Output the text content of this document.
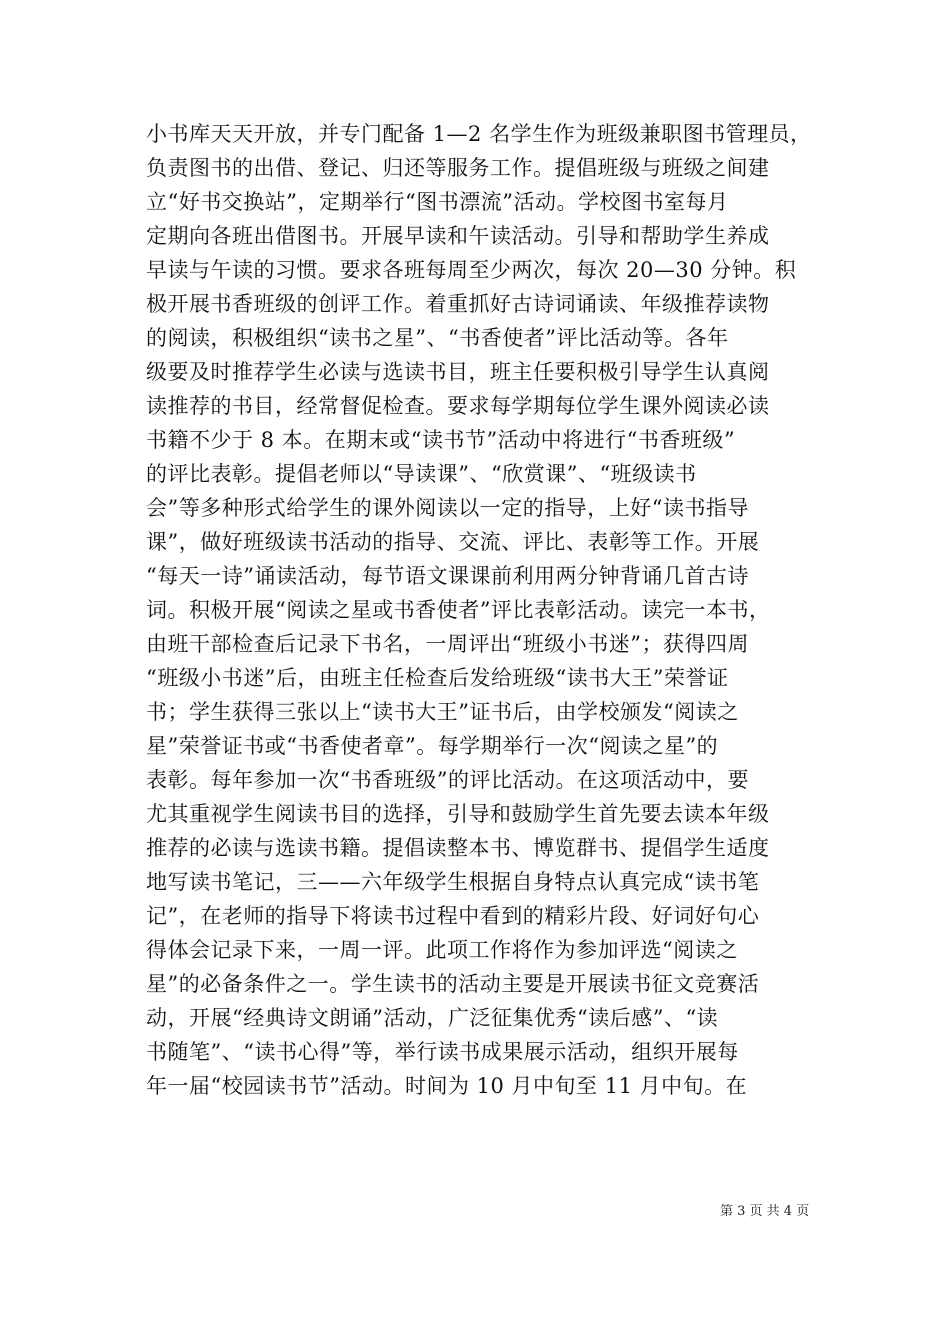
小书库天天开放，并专门配备 1—2 名学生作为班级兼职图书管理员，
负责图书的出借、登记、归还等服务工作。提倡班级与班级之间建
立“好书交换站”，定期举行“图书漂流”活动。学校图书室每月
定期向各班出借图书。开展早读和午读活动。引导和帮助学生养成
早读与午读的习惯。要求各班每周至少两次，每次 20—30 分钟。积
极开展书香班级的创评工作。着重抓好古诗词诵读、年级推荐读物
的阅读，积极组织“读书之星”、“书香使者”评比活动等。各年
级要及时推荐学生必读与选读书目，班主任要积极引导学生认真阅
读推荐的书目，经常督促检查。要求每学期每位学生课外阅读必读
书籍不少于 8 本。在期末或“读书节”活动中将进行“书香班级”
的评比表彰。提倡老师以“导读课”、“欣赏课”、“班级读书
会”等多种形式给学生的课外阅读以一定的指导，上好“读书指导
课”，做好班级读书活动的指导、交流、评比、表彰等工作。开展
“每天一诗”诵读活动，每节语文课课前利用两分钟背诵几首古诗
词。积极开展“阅读之星或书香使者”评比表彰活动。读完一本书，
由班干部检查后记录下书名，一周评出“班级小书迷”；获得四周
“班级小书迷”后，由班主任检查后发给班级“读书大王”荣誉证
书；学生获得三张以上“读书大王”证书后，由学校颁发“阅读之
星”荣誉证书或“书香使者章”。每学期举行一次“阅读之星”的
表彰。每年参加一次“书香班级”的评比活动。在这项活动中，要
尤其重视学生阅读书目的选择，引导和鼓励学生首先要去读本年级
推荐的必读与选读书籍。提倡读整本书、博览群书、提倡学生适度
地写读书笔记，三——六年级学生根据自身特点认真完成“读书笔
记”，在老师的指导下将读书过程中看到的精彩片段、好词好句心
得体会记录下来，一周一评。此项工作将作为参加评选“阅读之
星”的必备条件之一。学生读书的活动主要是开展读书征文竞赛活
动，开展“经典诗文朗诵”活动，广泛征集优秀“读后感”、“读
书随笔”、“读书心得”等，举行读书成果展示活动，组织开展每
年一届“校园读书节”活动。时间为 10 月中旬至 11 月中旬。在
第 3 页 共 4 页
